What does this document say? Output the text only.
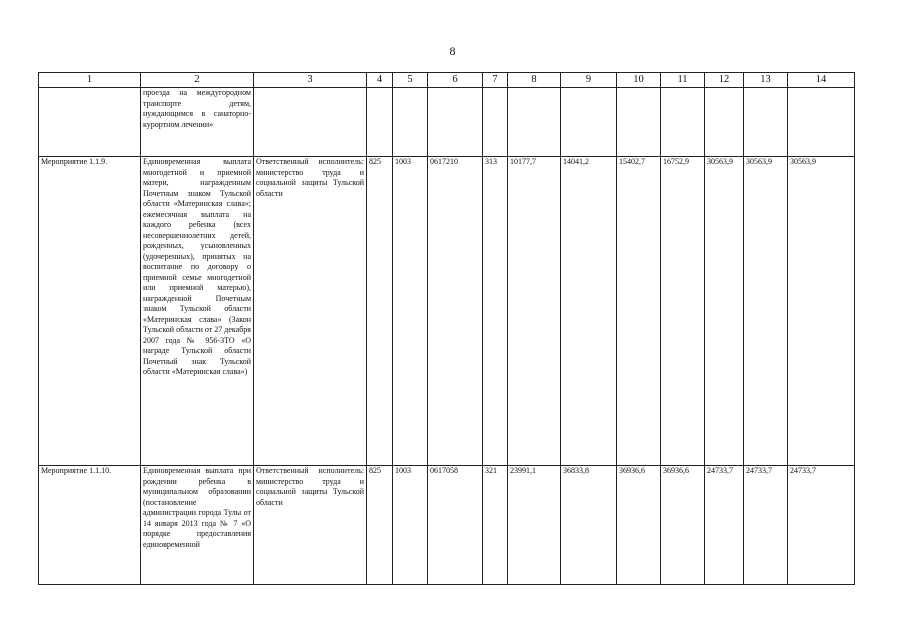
8
1	2	3	4	5	6	7	8	9	10	11	12	13	14
	проезда на междугородном транспорте детям, нуждающимся в санаторно-курортном лечении»												
Мероприятие 1.1.9.	Единовременная выплата многодетной и приемной матери, награжденным Почетным знаком Тульской области «Материнская слава»; ежемесячная выплата на каждого ребенка (всех несовершеннолетних детей, рожденных, усыновленных (удочеренных), принятых на воспитание по договору о приемной семье многодетной или приемной матерью), награжденной Почетным знаком Тульской области «Материнская слава» (Закон Тульской области от 27 декабря 2007 года № 956-ЗТО «О награде Тульской области Почетный знак Тульской области «Материнская слава»)	Ответственный исполнитель: министерство труда и социальной защиты Тульской области	825	1003	0617210	313	10177,7	14041,2	15402,7	16752,9	30563,9	30563,9	30563,9
Мероприятие 1.1.10.	Единовременная выплата при рождении ребенка в муниципальном образовании (постановление администрации города Тулы от 14 января 2013 года № 7 «О порядке предоставления единовременной	Ответственный исполнитель: министерство труда и социальной защиты Тульской области	825	1003	0617058	321	23991,1	36833,8	36936,6	36936,6	24733,7	24733,7	24733,7
